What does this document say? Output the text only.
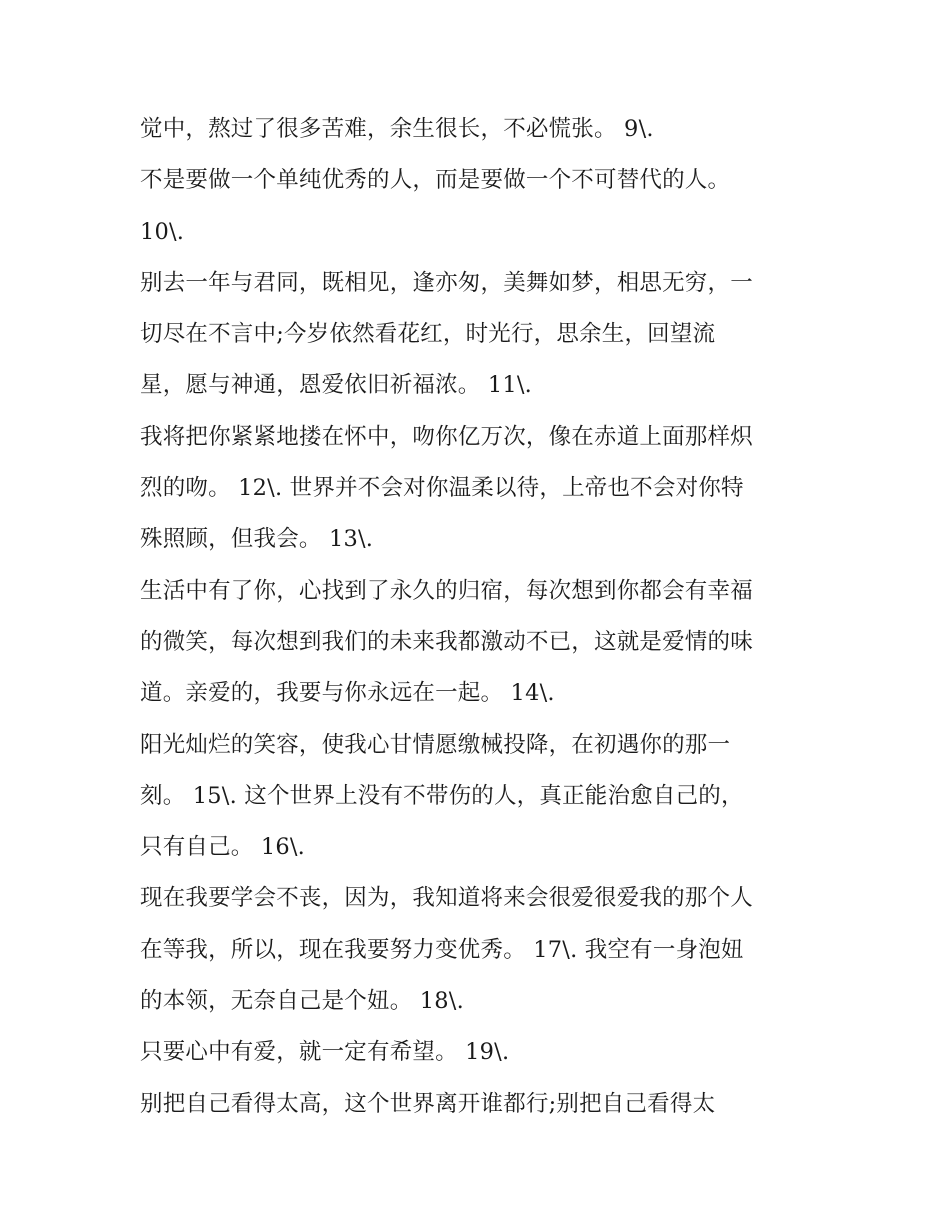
觉中，熬过了很多苦难，余生很长，不必慌张。 9\.
不是要做一个单纯优秀的人，而是要做一个不可替代的人。
10\.
别去一年与君同，既相见，逢亦匆，美舞如梦，相思无穷，一
切尽在不言中;今岁依然看花红，时光行，思余生，回望流
星，愿与神通，恩爱依旧祈福浓。 11\.
我将把你紧紧地搂在怀中，吻你亿万次，像在赤道上面那样炽
烈的吻。 12\. 世界并不会对你温柔以待，上帝也不会对你特
殊照顾，但我会。 13\.
生活中有了你，心找到了永久的归宿，每次想到你都会有幸福
的微笑，每次想到我们的未来我都激动不已，这就是爱情的味
道。亲爱的，我要与你永远在一起。 14\.
阳光灿烂的笑容，使我心甘情愿缴械投降，在初遇你的那一
刻。 15\. 这个世界上没有不带伤的人，真正能治愈自己的，
只有自己。 16\.
现在我要学会不丧，因为，我知道将来会很爱很爱我的那个人
在等我，所以，现在我要努力变优秀。 17\. 我空有一身泡妞
的本领，无奈自己是个妞。 18\.
只要心中有爱，就一定有希望。 19\.
别把自己看得太高，这个世界离开谁都行;别把自己看得太
